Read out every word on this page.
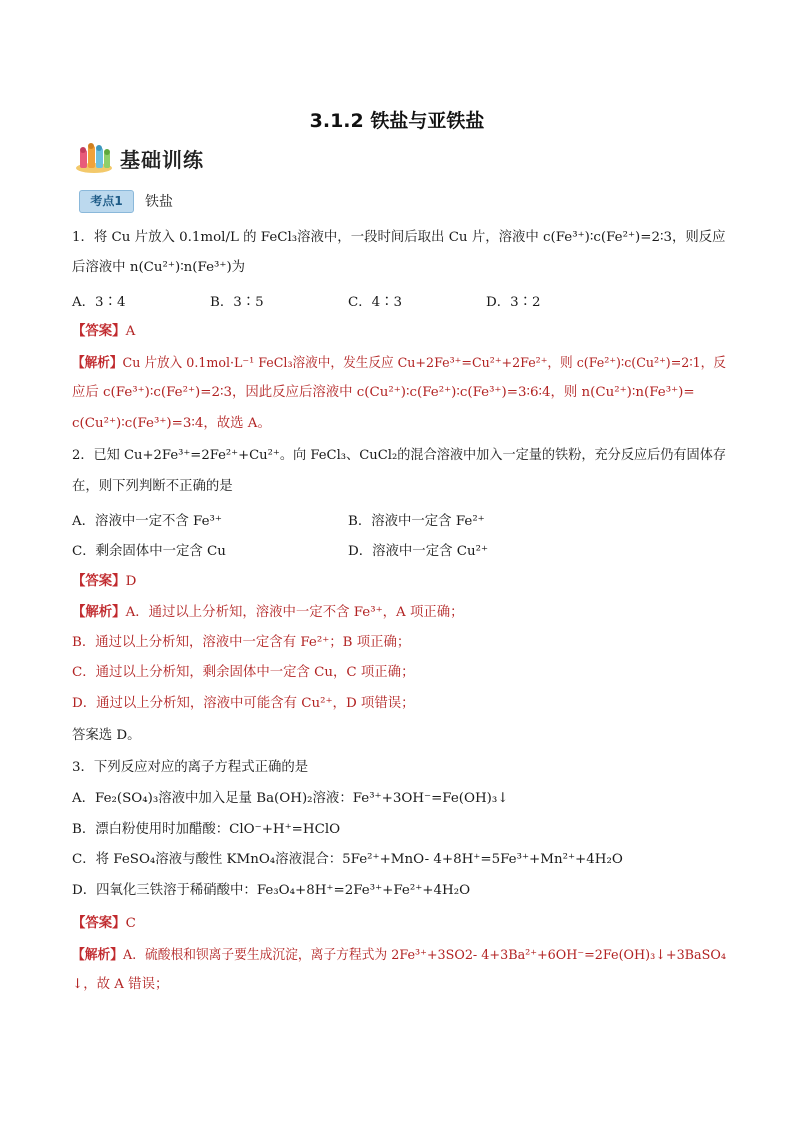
3.1.2 铁盐与亚铁盐
基础训练
考点1	铁盐
1．将 Cu 片放入 0.1mol/L 的 FeCl₃溶液中，一段时间后取出 Cu 片，溶液中 c(Fe³⁺)∶c(Fe²⁺)=2∶3，则反应
后溶液中 n(Cu²⁺)∶n(Fe³⁺)为
A．3∶4	B．3∶5	C．4∶3	D．3∶2
【答案】A
【解析】Cu 片放入 0.1mol·L⁻¹ FeCl₃溶液中，发生反应 Cu+2Fe³⁺=Cu²⁺+2Fe²⁺，则 c(Fe²⁺)∶c(Cu²⁺)=2∶1，反
应后 c(Fe³⁺)∶c(Fe²⁺)=2∶3，因此反应后溶液中 c(Cu²⁺)∶c(Fe²⁺)∶c(Fe³⁺)=3∶6∶4，则 n(Cu²⁺)∶n(Fe³⁺)=
c(Cu²⁺)∶c(Fe³⁺)=3∶4，故选 A。
2．已知 Cu+2Fe³⁺=2Fe²⁺+Cu²⁺。向 FeCl₃、CuCl₂的混合溶液中加入一定量的铁粉，充分反应后仍有固体存
在，则下列判断不正确的是
A．溶液中一定不含 Fe³⁺	B．溶液中一定含 Fe²⁺
C．剩余固体中一定含 Cu	D．溶液中一定含 Cu²⁺
【答案】D
【解析】A．通过以上分析知，溶液中一定不含 Fe³⁺，A 项正确；
B．通过以上分析知，溶液中一定含有 Fe²⁺；B 项正确；
C．通过以上分析知，剩余固体中一定含 Cu，C 项正确；
D．通过以上分析知，溶液中可能含有 Cu²⁺，D 项错误；
答案选 D。
3．下列反应对应的离子方程式正确的是
A．Fe₂(SO₄)₃溶液中加入足量 Ba(OH)₂溶液：Fe³⁺+3OH⁻=Fe(OH)₃↓
B．漂白粉使用时加醋酸：ClO⁻+H⁺=HClO
C．将 FeSO₄溶液与酸性 KMnO₄溶液混合：5Fe²⁺+MnO- 4+8H⁺=5Fe³⁺+Mn²⁺+4H₂O
D．四氧化三铁溶于稀硝酸中：Fe₃O₄+8H⁺=2Fe³⁺+Fe²⁺+4H₂O
【答案】C
【解析】A．硫酸根和钡离子要生成沉淀，离子方程式为 2Fe³⁺+3SO2- 4+3Ba²⁺+6OH⁻=2Fe(OH)₃↓+3BaSO₄
↓，故 A 错误；
